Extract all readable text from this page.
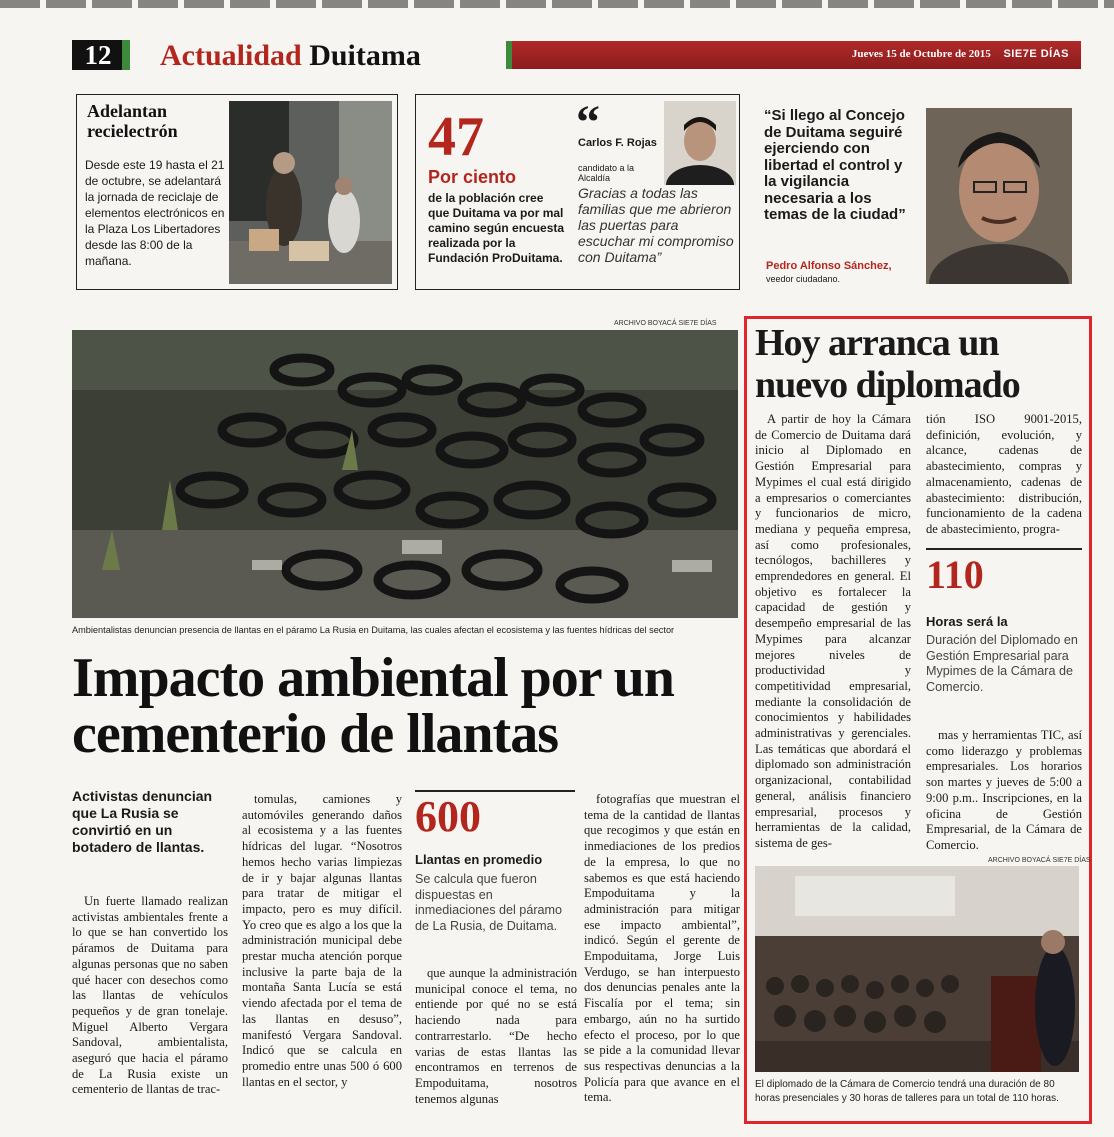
12	Actualidad Duitama	Jueves 15 de Octubre de 2015 SIE7E DÍAS
Adelantan recielectrón
Desde este 19 hasta el 21 de octubre, se adelantará la jornada de reciclaje de elementos electrónicos en la Plaza Los Libertadores desde las 8:00 de la mañana.
47
Por ciento
de la población cree que Duitama va por mal camino según encuesta realizada por la Fundación ProDuitama.
“
Carlos F. Rojas
candidato a la Alcaldía
Gracias a todas las familias que me abrieron las puertas para escuchar mi compromiso con Duitama”
“Si llego al Concejo de Duitama seguiré ejerciendo con libertad el control y la vigilancia necesaria a los temas de la ciudad”
Pedro Alfonso Sánchez,
veedor ciudadano.
ARCHIVO BOYACÁ SIE7E DÍAS
Ambientalistas denuncian presencia de llantas en el páramo La Rusia en Duitama, las cuales afectan el ecosistema y las fuentes hídricas del sector
Impacto ambiental por un cementerio de llantas
Activistas denuncian que La Rusia se convirtió en un botadero de llantas.

Un fuerte llamado realizan activistas ambientales frente a lo que se han convertido los páramos de Duitama para algunas personas que no saben qué hacer con desechos como las llantas de vehículos pequeños y de gran tonelaje. Miguel Alberto Vergara Sandoval, ambientalista, aseguró que hacia el páramo de La Rusia existe un cementerio de llantas de trac-

tomulas, camiones y automóviles generando daños al ecosistema y a las fuentes hídricas del lugar. “Nosotros hemos hecho varias limpiezas de ir y bajar algunas llantas para tratar de mitigar el impacto, pero es muy difícil. Yo creo que es algo a los que la administración municipal debe prestar mucha atención porque inclusive la parte baja de la montaña Santa Lucía se está viendo afectada por el tema de las llantas en desuso”, manifestó Vergara Sandoval. Indicó que se calcula en promedio entre unas 500 ó 600 llantas en el sector, y

600
Llantas en promedio
Se calcula que fueron dispuestas en inmediaciones del páramo de La Rusia, de Duitama.

que aunque la administración municipal conoce el tema, no entiende por qué no se está haciendo nada para contrarrestarlo. “De hecho varias de estas llantas las encontramos en terrenos de Empoduitama, nosotros tenemos algunas

fotografías que muestran el tema de la cantidad de llantas que recogimos y que están en inmediaciones de los predios de la empresa, lo que no sabemos es que está haciendo Empoduitama y la administración para mitigar ese impacto ambiental”, indicó. Según el gerente de Empoduitama, Jorge Luis Verdugo, se han interpuesto dos denuncias penales ante la Fiscalía por el tema; sin embargo, aún no ha surtido efecto el proceso, por lo que se pide a la comunidad llevar sus respectivas denuncias a la Policía para que avance en el tema.

Hoy arranca un nuevo diplomado

A partir de hoy la Cámara de Comercio de Duitama dará inicio al Diplomado en Gestión Empresarial para Mypimes el cual está dirigido a empresarios o comerciantes y funcionarios de micro, mediana y pequeña empresa, así como profesionales, tecnólogos, bachilleres y emprendedores en general. El objetivo es fortalecer la capacidad de gestión y desempeño empresarial de las Mypimes para alcanzar mejores niveles de productividad y competitividad empresarial, mediante la consolidación de conocimientos y habilidades administrativas y gerenciales. Las temáticas que abordará el diplomado son administración organizacional, contabilidad general, análisis financiero empresarial, procesos y herramientas de la calidad, sistema de ges-

tión ISO 9001-2015, definición, evolución, y alcance, cadenas de abastecimiento, compras y almacenamiento, cadenas de abastecimiento: distribución, funcionamiento de la cadena de abastecimiento, progra-

110
Horas será la
Duración del Diplomado en Gestión Empresarial para Mypimes de la Cámara de Comercio.

mas y herramientas TIC, así como liderazgo y problemas empresariales. Los horarios son martes y jueves de 5:00 a 9:00 p.m.. Inscripciones, en la oficina de Gestión Empresarial, de la Cámara de Comercio.

ARCHIVO BOYACÁ SIE7E DÍAS
El diplomado de la Cámara de Comercio tendrá una duración de 80 horas presenciales y 30 horas de talleres para un total de 110 horas.
